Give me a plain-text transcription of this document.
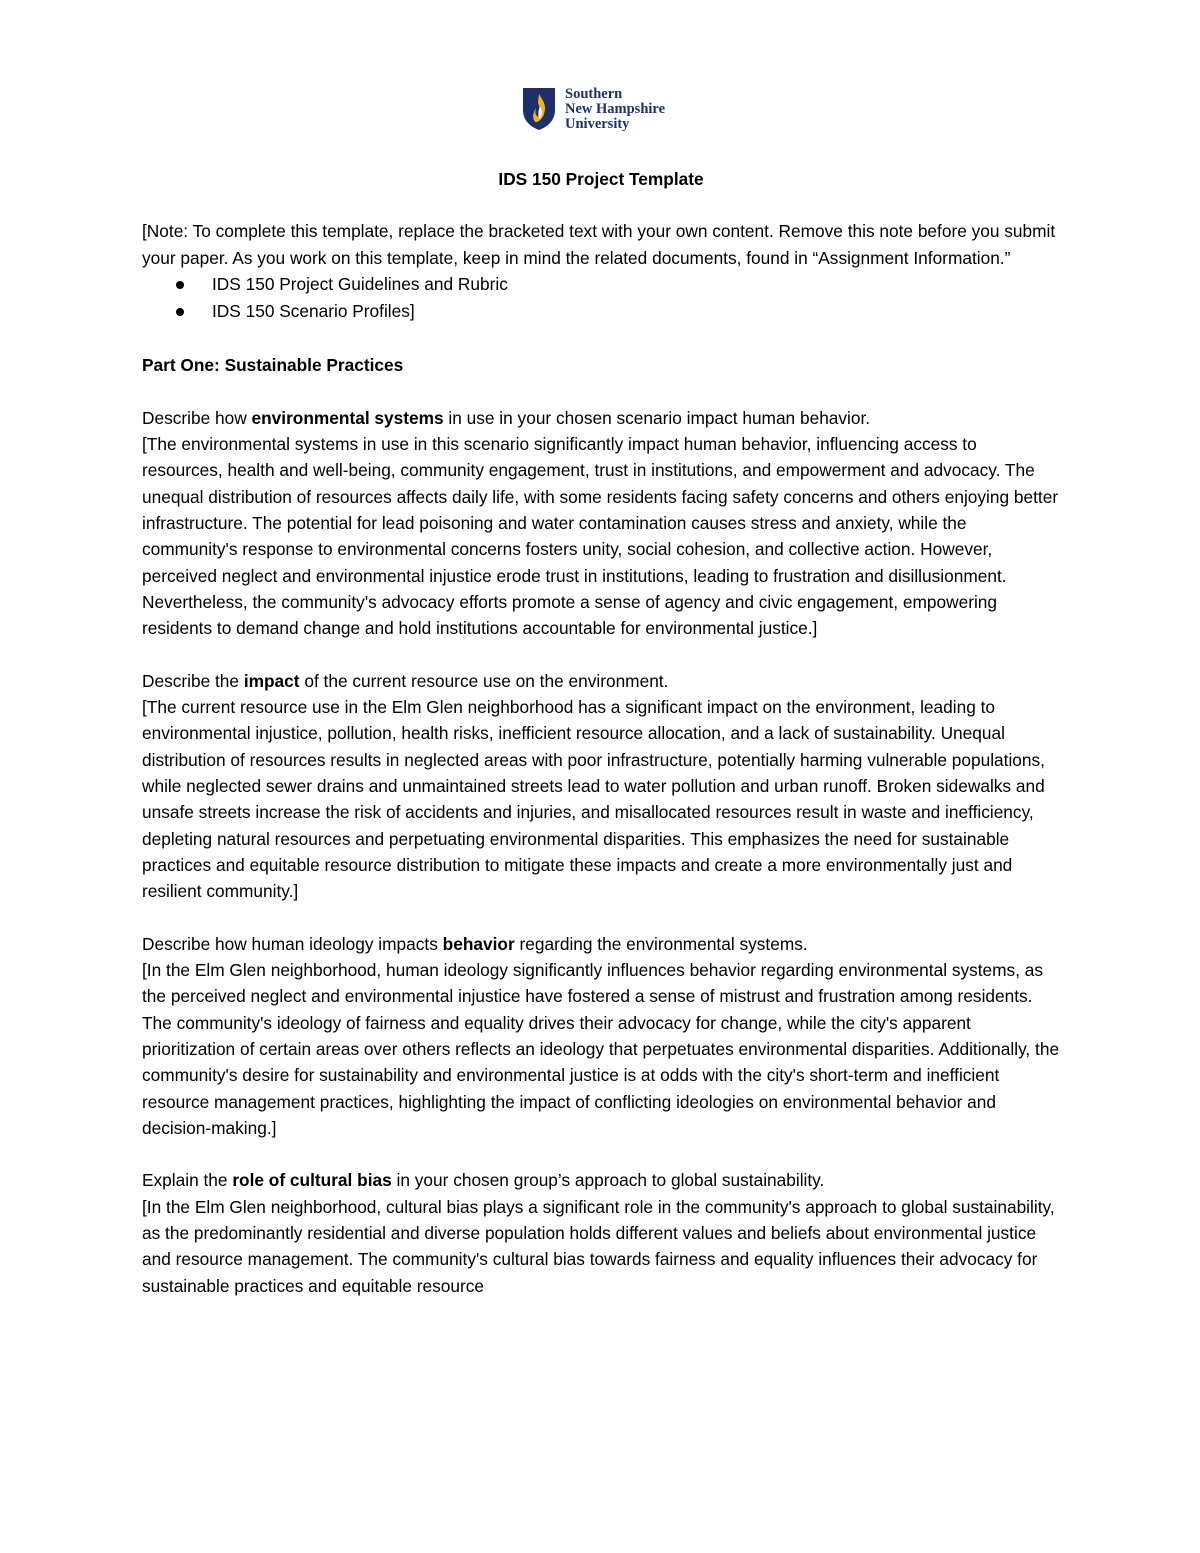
Southern
New Hampshire
University

IDS 150 Project Template

[Note: To complete this template, replace the bracketed text with your own content. Remove this note before you submit your paper. As you work on this template, keep in mind the related documents, found in “Assignment Information.”

IDS 150 Project Guidelines and Rubric
IDS 150 Scenario Profiles]

Part One: Sustainable Practices

Describe how environmental systems in use in your chosen scenario impact human behavior.

[The environmental systems in use in this scenario significantly impact human behavior, influencing access to resources, health and well-being, community engagement, trust in institutions, and empowerment and advocacy. The unequal distribution of resources affects daily life, with some residents facing safety concerns and others enjoying better infrastructure. The potential for lead poisoning and water contamination causes stress and anxiety, while the community's response to environmental concerns fosters unity, social cohesion, and collective action. However, perceived neglect and environmental injustice erode trust in institutions, leading to frustration and disillusionment. Nevertheless, the community's advocacy efforts promote a sense of agency and civic engagement, empowering residents to demand change and hold institutions accountable for environmental justice.]

Describe the impact of the current resource use on the environment.

[The current resource use in the Elm Glen neighborhood has a significant impact on the environment, leading to environmental injustice, pollution, health risks, inefficient resource allocation, and a lack of sustainability. Unequal distribution of resources results in neglected areas with poor infrastructure, potentially harming vulnerable populations, while neglected sewer drains and unmaintained streets lead to water pollution and urban runoff. Broken sidewalks and unsafe streets increase the risk of accidents and injuries, and misallocated resources result in waste and inefficiency, depleting natural resources and perpetuating environmental disparities. This emphasizes the need for sustainable practices and equitable resource distribution to mitigate these impacts and create a more environmentally just and resilient community.]

Describe how human ideology impacts behavior regarding the environmental systems.

[In the Elm Glen neighborhood, human ideology significantly influences behavior regarding environmental systems, as the perceived neglect and environmental injustice have fostered a sense of mistrust and frustration among residents. The community's ideology of fairness and equality drives their advocacy for change, while the city's apparent prioritization of certain areas over others reflects an ideology that perpetuates environmental disparities. Additionally, the community's desire for sustainability and environmental justice is at odds with the city's short-term and inefficient resource management practices, highlighting the impact of conflicting ideologies on environmental behavior and decision-making.]

Explain the role of cultural bias in your chosen group’s approach to global sustainability.

[In the Elm Glen neighborhood, cultural bias plays a significant role in the community's approach to global sustainability, as the predominantly residential and diverse population holds different values and beliefs about environmental justice and resource management. The community's cultural bias towards fairness and equality influences their advocacy for sustainable practices and equitable resource
